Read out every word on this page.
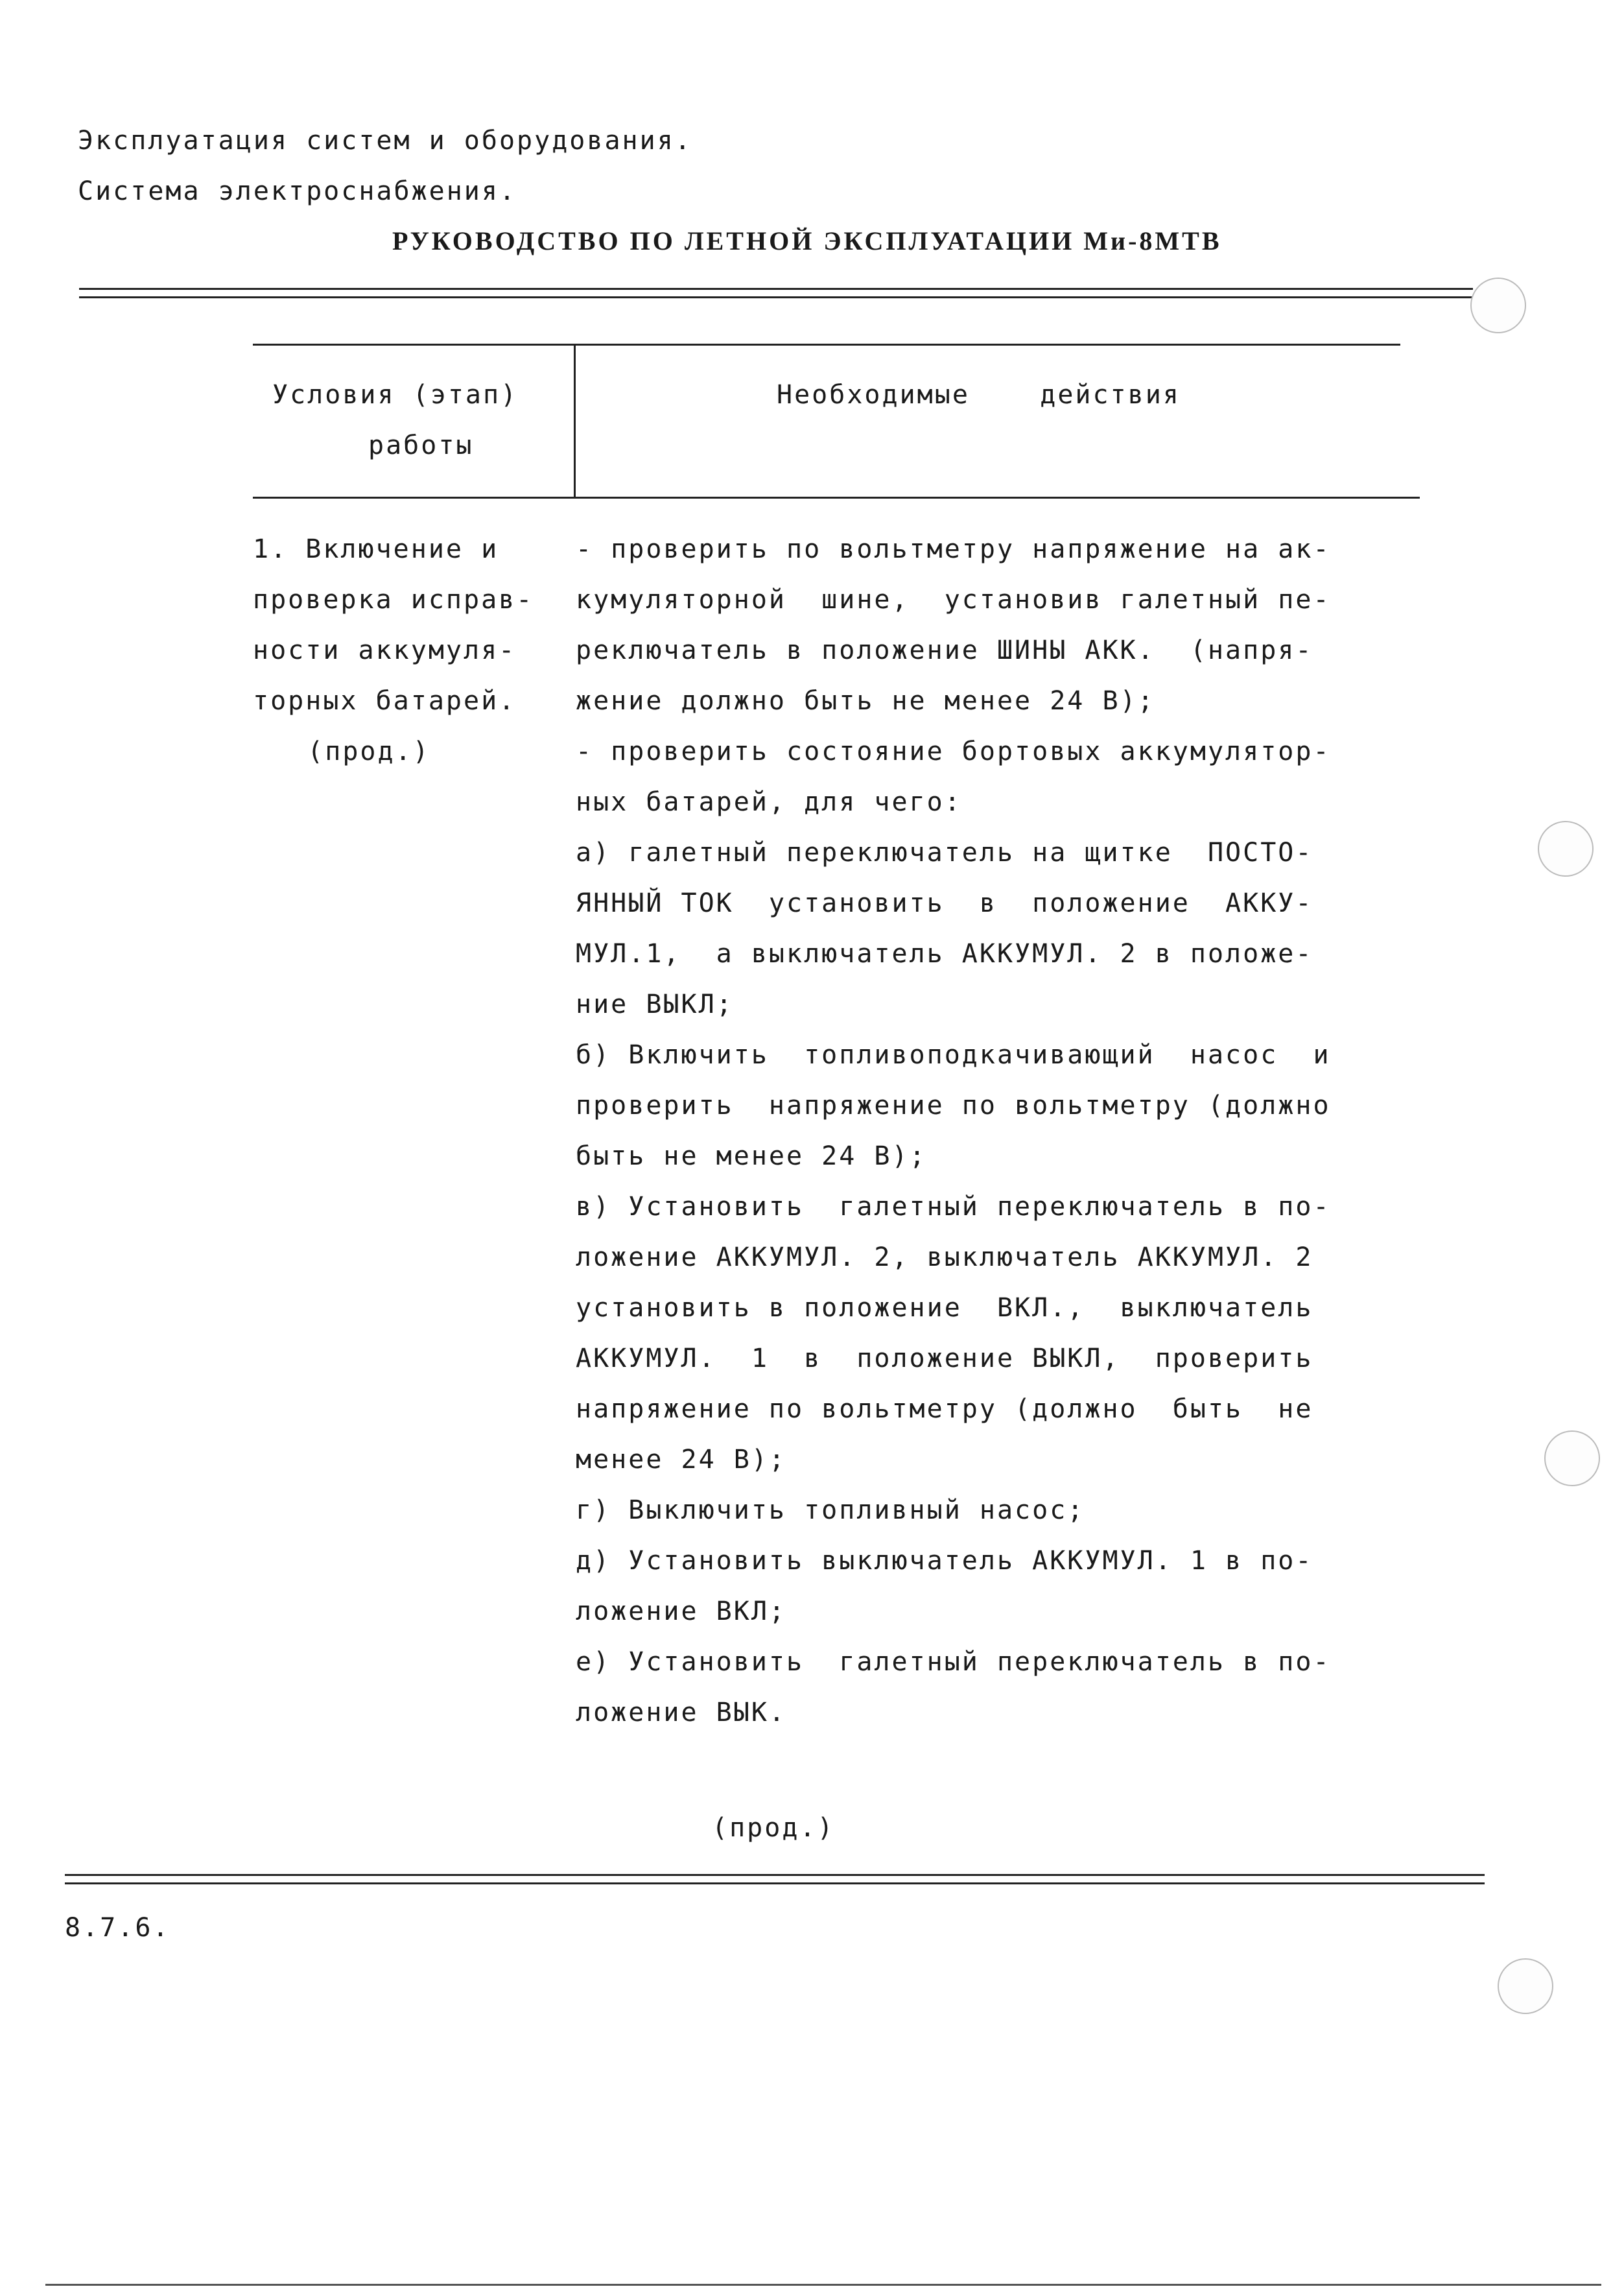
Эксплуатация систем и оборудования.
Система электроснабжения.
РУКОВОДСТВО ПО ЛЕТНОЙ ЭКСПЛУАТАЦИИ Ми-8МТВ
Условия (этап)
работы
Необходимые    действия
1. Включение и
проверка исправ-
ности аккумуля-
торных батарей.
(прод.)
- проверить по вольтметру напряжение на ак-
кумуляторной  шине,  установив галетный пе-
реключатель в положение ШИНЫ АКК.  (напря-
жение должно быть не менее 24 В);
- проверить состояние бортовых аккумулятор-
ных батарей, для чего:
а) галетный переключатель на щитке  ПОСТО-
ЯННЫЙ ТОК  установить  в  положение  АККУ-
МУЛ.1,  а выключатель АККУМУЛ. 2 в положе-
ние ВЫКЛ;
б) Включить  топливоподкачивающий  насос  и
проверить  напряжение по вольтметру (должно
быть не менее 24 В);
в) Установить  галетный переключатель в по-
ложение АККУМУЛ. 2, выключатель АККУМУЛ. 2
установить в положение  ВКЛ.,  выключатель
АККУМУЛ.  1  в  положение ВЫКЛ,  проверить
напряжение по вольтметру (должно  быть  не
менее 24 В);
г) Выключить топливный насос;
д) Установить выключатель АККУМУЛ. 1 в по-
ложение ВКЛ;
е) Установить  галетный переключатель в по-
ложение ВЫК.
(прод.)
8.7.6.
